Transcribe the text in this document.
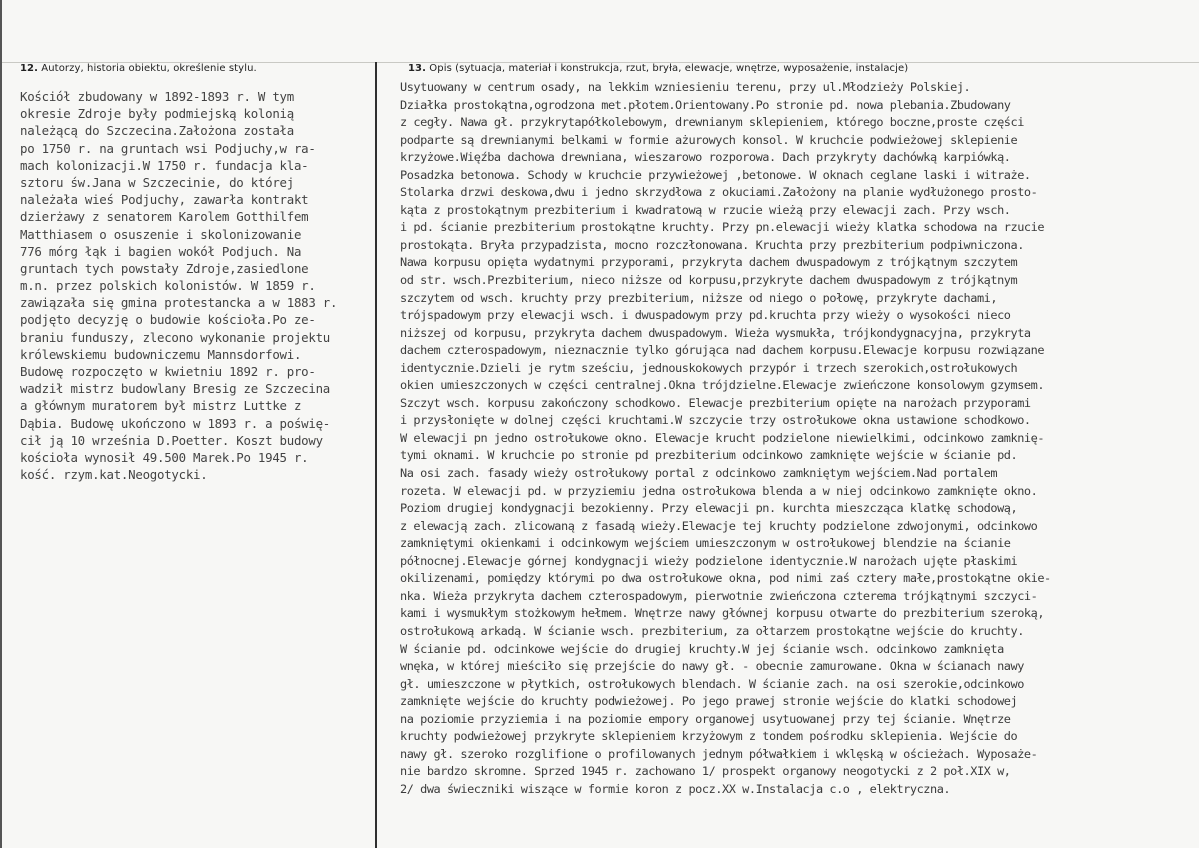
12. Autorzy, historia obiektu, określenie stylu.	13. Opis (sytuacja, materiał i konstrukcja, rzut, bryła, elewacje, wnętrze, wyposażenie, instalacje)
Kościół zbudowany w 1892-1893 r. W tym
okresie Zdroje były podmiejską kolonią
należącą do Szczecina.Założona została
po 1750 r. na gruntach wsi Podjuchy,w ra-
mach kolonizacji.W 1750 r. fundacja kla-
sztoru św.Jana w Szczecinie, do której
należała wieś Podjuchy, zawarła kontrakt
dzierżawy z senatorem Karolem Gotthilfem
Matthiasem o osuszenie i skolonizowanie
776 mórg łąk i bagien wokół Podjuch. Na
gruntach tych powstały Zdroje,zasiedlone
m.n. przez polskich kolonistów. W 1859 r.
zawiązała się gmina protestancka a w 1883 r.
podjęto decyzję o budowie kościoła.Po ze-
braniu funduszy, zlecono wykonanie projektu
królewskiemu budowniczemu Mannsdorfowi.
Budowę rozpoczęto w kwietniu 1892 r. pro-
wadził mistrz budowlany Bresig ze Szczecina
a głównym muratorem był mistrz Luttke z
Dąbia. Budowę ukończono w 1893 r. a poświę-
cił ją 10 września D.Poetter. Koszt budowy
kościoła wynosił 49.500 Marek.Po 1945 r.
kość. rzym.kat.Neogotycki.
Usytuowany w centrum osady, na lekkim wzniesieniu terenu, przy ul.Młodzieży Polskiej.
Działka prostokątna,ogrodzona met.płotem.Orientowany.Po stronie pd. nowa plebania.Zbudowany
z cegły. Nawa gł. przykrytapółkolebowym, drewnianym sklepieniem, którego boczne,proste części
podparte są drewnianymi belkami w formie ażurowych konsol. W kruchcie podwieżowej sklepienie
krzyżowe.Więźba dachowa drewniana, wieszarowo rozporowa. Dach przykryty dachówką karpiówką.
Posadzka betonowa. Schody w kruchcie przywieżowej ,betonowe. W oknach ceglane laski i witraże.
Stolarka drzwi deskowa,dwu i jedno skrzydłowa z okuciami.Założony na planie wydłużonego prosto-
kąta z prostokątnym prezbiterium i kwadratową w rzucie wieżą przy elewacji zach. Przy wsch.
i pd. ścianie prezbiterium prostokątne kruchty. Przy pn.elewacji wieży klatka schodowa na rzucie
prostokąta. Bryła przypadzista, mocno rozczłonowana. Kruchta przy prezbiterium podpiwniczona.
Nawa korpusu opięta wydatnymi przyporami, przykryta dachem dwuspadowym z trójkątnym szczytem
od str. wsch.Prezbiterium, nieco niższe od korpusu,przykryte dachem dwuspadowym z trójkątnym
szczytem od wsch. kruchty przy prezbiterium, niższe od niego o połowę, przykryte dachami,
trójspadowym przy elewacji wsch. i dwuspadowym przy pd.kruchta przy wieży o wysokości nieco
niższej od korpusu, przykryta dachem dwuspadowym. Wieża wysmukła, trójkondygnacyjna, przykryta
dachem czterospadowym, nieznacznie tylko górująca nad dachem korpusu.Elewacje korpusu rozwiązane
identycznie.Dzieli je rytm sześciu, jednouskokowych przypór i trzech szerokich,ostrołukowych
okien umieszczonych w części centralnej.Okna trójdzielne.Elewacje zwieńczone konsolowym gzymsem.
Szczyt wsch. korpusu zakończony schodkowo. Elewacje prezbiterium opięte na narożach przyporami
i przysłonięte w dolnej części kruchtami.W szczycie trzy ostrołukowe okna ustawione schodkowo.
W elewacji pn jedno ostrołukowe okno. Elewacje krucht podzielone niewielkimi, odcinkowo zamknię-
tymi oknami. W kruchcie po stronie pd prezbiterium odcinkowo zamknięte wejście w ścianie pd.
Na osi zach. fasady wieży ostrołukowy portal z odcinkowo zamkniętym wejściem.Nad portalem
rozeta. W elewacji pd. w przyziemiu jedna ostrołukowa blenda a w niej odcinkowo zamknięte okno.
Poziom drugiej kondygnacji bezokienny. Przy elewacji pn. kurchta mieszcząca klatkę schodową,
z elewacją zach. zlicowaną z fasadą wieży.Elewacje tej kruchty podzielone zdwojonymi, odcinkowo
zamkniętymi okienkami i odcinkowym wejściem umieszczonym w ostrołukowej blendzie na ścianie
północnej.Elewacje górnej kondygnacji wieży podzielone identycznie.W narożach ujęte płaskimi
okilizenami, pomiędzy którymi po dwa ostrołukowe okna, pod nimi zaś cztery małe,prostokątne okie-
nka. Wieża przykryta dachem czterospadowym, pierwotnie zwieńczona czterema trójkątnymi szczyci-
kami i wysmukłym stożkowym hełmem. Wnętrze nawy głównej korpusu otwarte do prezbiterium szeroką,
ostrołukową arkadą. W ścianie wsch. prezbiterium, za ołtarzem prostokątne wejście do kruchty.
W ścianie pd. odcinkowe wejście do drugiej kruchty.W jej ścianie wsch. odcinkowo zamknięta
wnęka, w której mieściło się przejście do nawy gł. - obecnie zamurowane. Okna w ścianach nawy
gł. umieszczone w płytkich, ostrołukowych blendach. W ścianie zach. na osi szerokie,odcinkowo
zamknięte wejście do kruchty podwieżowej. Po jego prawej stronie wejście do klatki schodowej
na poziomie przyziemia i na poziomie empory organowej usytuowanej przy tej ścianie. Wnętrze
kruchty podwieżowej przykryte sklepieniem krzyżowym z tondem pośrodku sklepienia. Wejście do
nawy gł. szeroko rozglifione o profilowanych jednym półwałkiem i wklęską w ościeżach. Wyposaże-
nie bardzo skromne. Sprzed 1945 r. zachowano 1/ prospekt organowy neogotycki z 2 poł.XIX w,
2/ dwa świeczniki wiszące w formie koron z pocz.XX w.Instalacja c.o , elektryczna.
